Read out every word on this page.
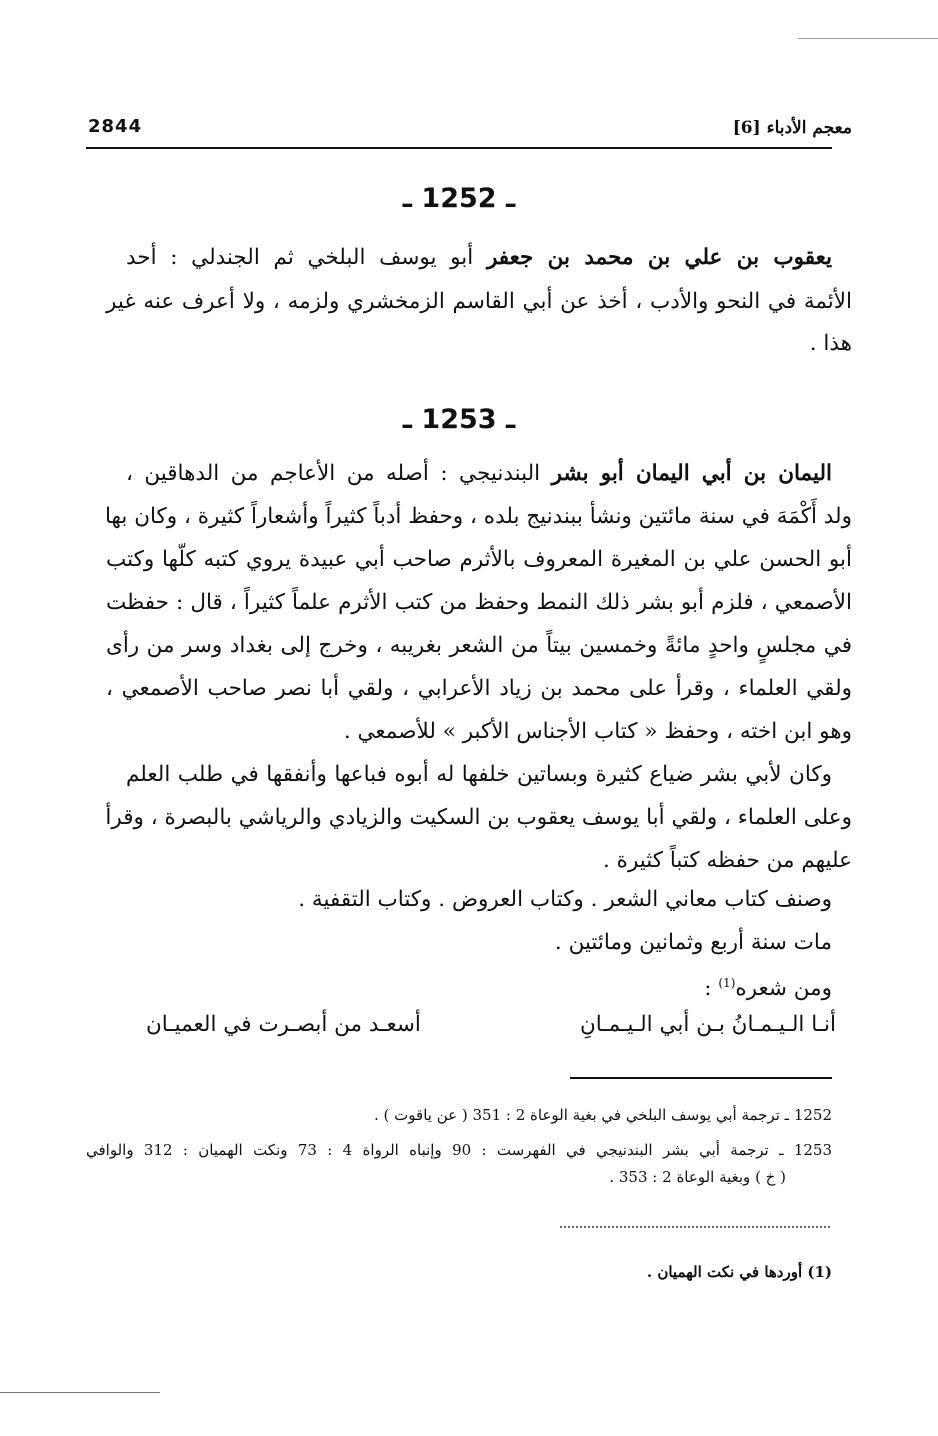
معجم الأدباء [6]
2844
ـ 1252 ـ
يعقوب بن علي بن محمد بن جعفر أبو يوسف البلخي ثم الجندلي : أحد
الأئمة في النحو والأدب ، أخذ عن أبي القاسم الزمخشري ولزمه ، ولا أعرف عنه غير
هذا .
ـ 1253 ـ
اليمان بن أبي اليمان أبو بشر البندنيجي : أصله من الأعاجم من الدهاقين ،
ولد أَكْمَهَ في سنة مائتين ونشأ ببندنيج بلده ، وحفظ أدباً كثيراً وأشعاراً كثيرة ، وكان بها
أبو الحسن علي بن المغيرة المعروف بالأثرم صاحب أبي عبيدة يروي كتبه كلّها وكتب
الأصمعي ، فلزم أبو بشر ذلك النمط وحفظ من كتب الأثرم علماً كثيراً ، قال : حفظت
في مجلسٍ واحدٍ مائةً وخمسين بيتاً من الشعر بغريبه ، وخرج إلى بغداد وسر من رأى
ولقي العلماء ، وقرأ على محمد بن زياد الأعرابي ، ولقي أبا نصر صاحب الأصمعي ،
وهو ابن اخته ، وحفظ « كتاب الأجناس الأكبر » للأصمعي .
وكان لأبي بشر ضياع كثيرة وبساتين خلفها له أبوه فباعها وأنفقها في طلب العلم
وعلى العلماء ، ولقي أبا يوسف يعقوب بن السكيت والزيادي والرياشي بالبصرة ، وقرأ
عليهم من حفظه كتباً كثيرة .
وصنف كتاب معاني الشعر . وكتاب العروض . وكتاب التقفية .
مات سنة أربع وثمانين ومائتين .
ومن شعره$^{(1)}$ :
أنـا الـيـمـانُ بـن أبي الـيـمـانِ
أسعـد من أبصـرت في العميـان
1252 ـ ترجمة أبي يوسف البلخي في بغية الوعاة 2 : 351 ( عن ياقوت ) .
1253 ـ ترجمة أبي بشر البندنيجي في الفهرست : 90 وإنباه الرواة 4 : 73 ونكت الهميان : 312 والوافي
( خ ) وبغية الوعاة 2 : 353 .
(1) أوردها في نكت الهميان .
